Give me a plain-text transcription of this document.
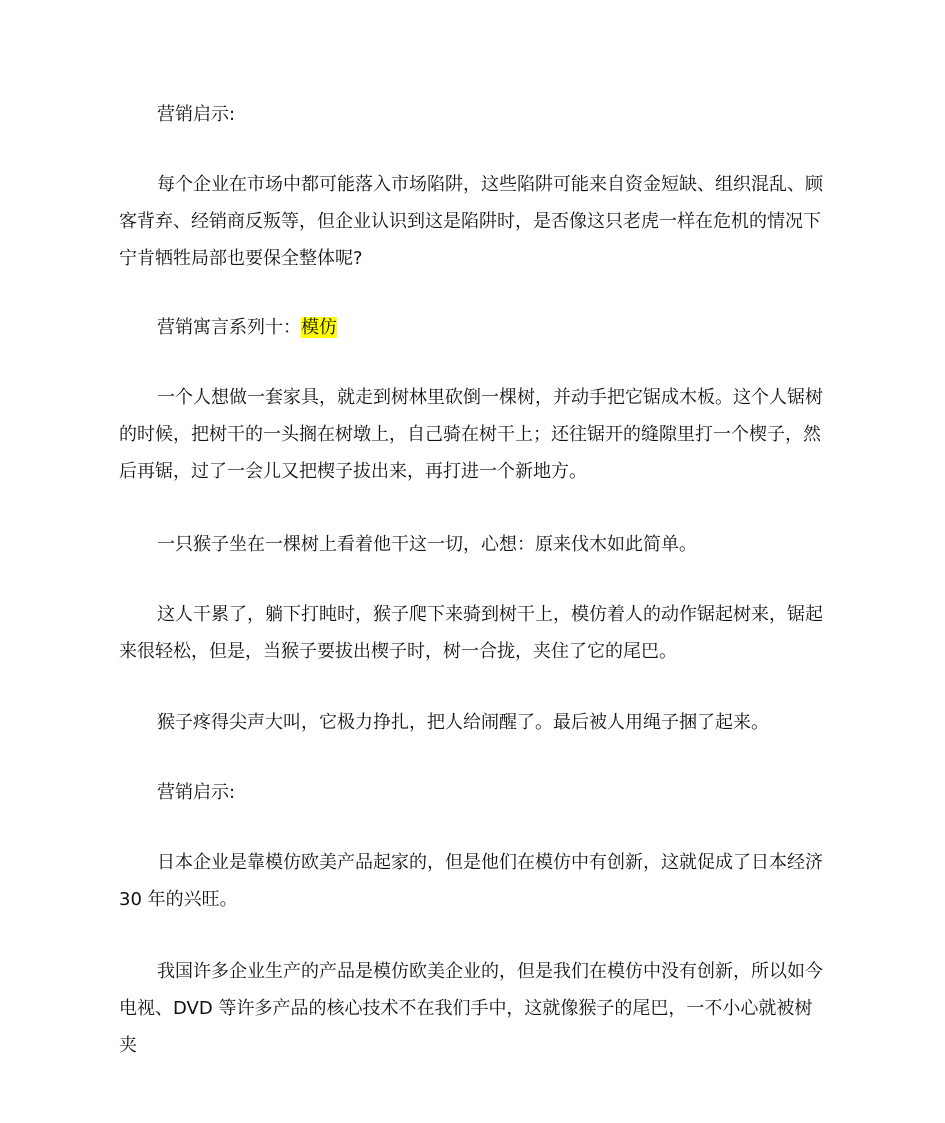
营销启示:

每个企业在市场中都可能落入市场陷阱，这些陷阱可能来自资金短缺、组织混乱、顾客背弃、经销商反叛等，但企业认识到这是陷阱时，是否像这只老虎一样在危机的情况下宁肯牺牲局部也要保全整体呢?

营销寓言系列十：模仿

一个人想做一套家具，就走到树林里砍倒一棵树，并动手把它锯成木板。这个人锯树的时候，把树干的一头搁在树墩上，自己骑在树干上；还往锯开的缝隙里打一个楔子，然后再锯，过了一会儿又把楔子拔出来，再打进一个新地方。

一只猴子坐在一棵树上看着他干这一切，心想：原来伐木如此简单。

这人干累了，躺下打盹时，猴子爬下来骑到树干上，模仿着人的动作锯起树来，锯起来很轻松，但是，当猴子要拔出楔子时，树一合拢，夹住了它的尾巴。

猴子疼得尖声大叫，它极力挣扎，把人给闹醒了。最后被人用绳子捆了起来。

营销启示:

日本企业是靠模仿欧美产品起家的，但是他们在模仿中有创新，这就促成了日本经济 30 年的兴旺。

我国许多企业生产的产品是模仿欧美企业的，但是我们在模仿中没有创新，所以如今电视、DVD 等许多产品的核心技术不在我们手中，这就像猴子的尾巴，一不小心就被树夹
